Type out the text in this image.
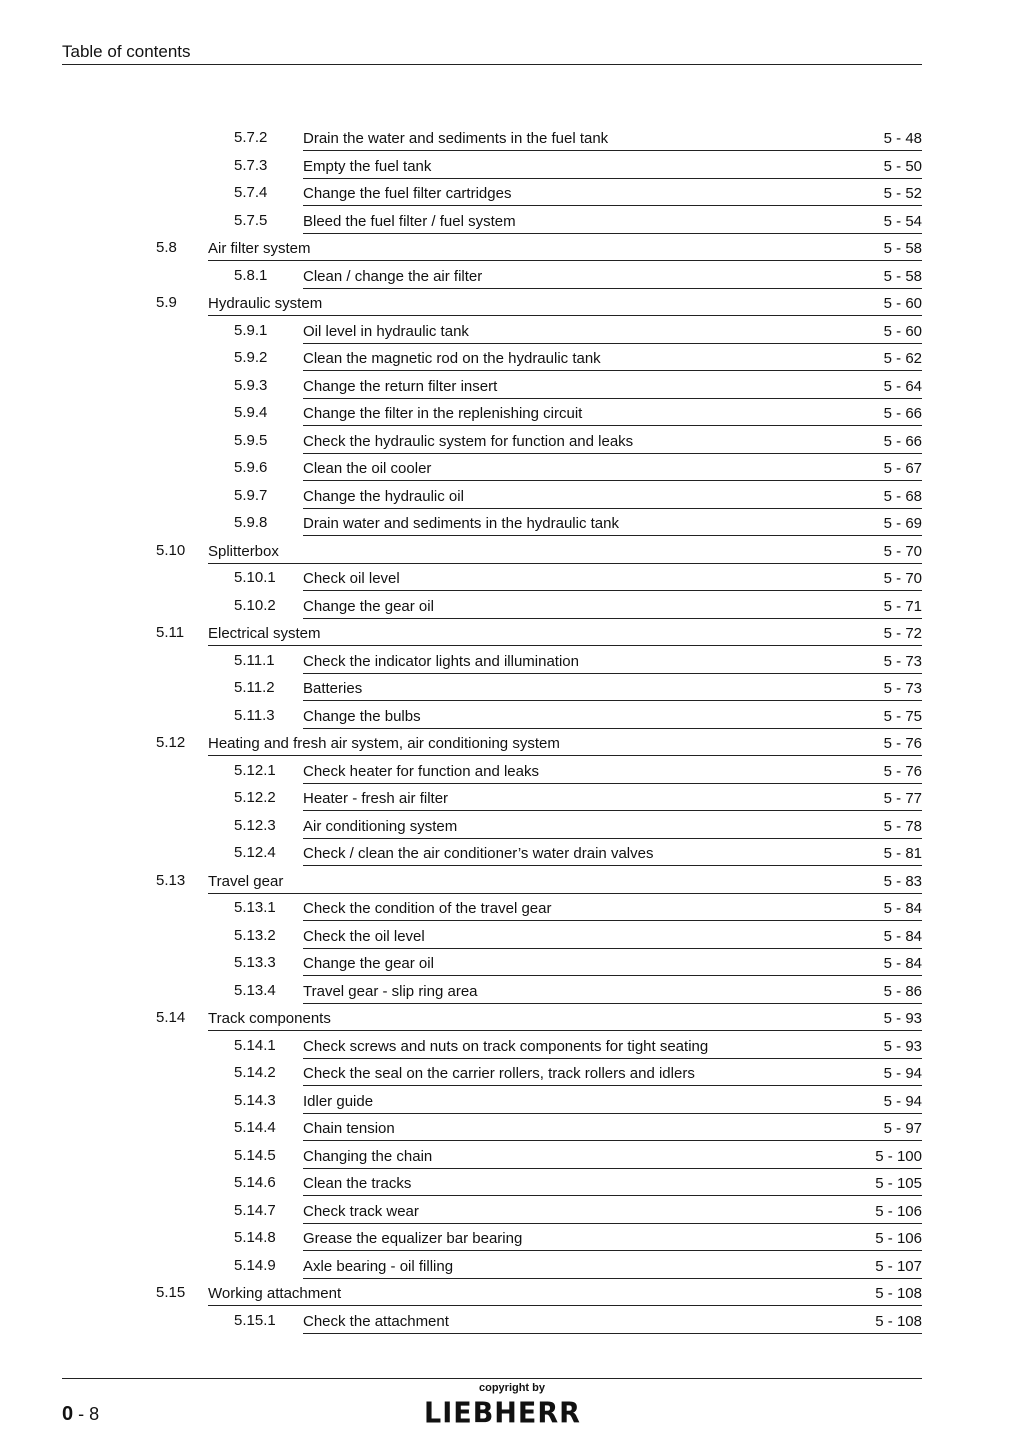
Table of contents
5.7.2 Drain the water and sediments in the fuel tank	5 - 48
5.7.3 Empty the fuel tank	5 - 50
5.7.4 Change the fuel filter cartridges	5 - 52
5.7.5 Bleed the fuel filter / fuel system	5 - 54
5.8 Air filter system	5 - 58
5.8.1 Clean / change the air filter	5 - 58
5.9 Hydraulic system	5 - 60
5.9.1 Oil level in hydraulic tank	5 - 60
5.9.2 Clean the magnetic rod on the hydraulic tank	5 - 62
5.9.3 Change the return filter insert	5 - 64
5.9.4 Change the filter in the replenishing circuit	5 - 66
5.9.5 Check the hydraulic system for function and leaks	5 - 66
5.9.6 Clean the oil cooler	5 - 67
5.9.7 Change the hydraulic oil	5 - 68
5.9.8 Drain water and sediments in the hydraulic tank	5 - 69
5.10 Splitterbox	5 - 70
5.10.1 Check oil level	5 - 70
5.10.2 Change the gear oil	5 - 71
5.11 Electrical system	5 - 72
5.11.1 Check the indicator lights and illumination	5 - 73
5.11.2 Batteries	5 - 73
5.11.3 Change the bulbs	5 - 75
5.12 Heating and fresh air system, air conditioning system	5 - 76
5.12.1 Check heater for function and leaks	5 - 76
5.12.2 Heater - fresh air filter	5 - 77
5.12.3 Air conditioning system	5 - 78
5.12.4 Check / clean the air conditioner’s water drain valves	5 - 81
5.13 Travel gear	5 - 83
5.13.1 Check the condition of the travel gear	5 - 84
5.13.2 Check the oil level	5 - 84
5.13.3 Change the gear oil	5 - 84
5.13.4 Travel gear - slip ring area	5 - 86
5.14 Track components	5 - 93
5.14.1 Check screws and nuts on track components for tight seating	5 - 93
5.14.2 Check the seal on the carrier rollers, track rollers and idlers	5 - 94
5.14.3 Idler guide	5 - 94
5.14.4 Chain tension	5 - 97
5.14.5 Changing the chain	5 - 100
5.14.6 Clean the tracks	5 - 105
5.14.7 Check track wear	5 - 106
5.14.8 Grease the equalizer bar bearing	5 - 106
5.14.9 Axle bearing - oil filling	5 - 107
5.15 Working attachment	5 - 108
5.15.1 Check the attachment	5 - 108
0 - 8
copyright by
LIEBHERR
